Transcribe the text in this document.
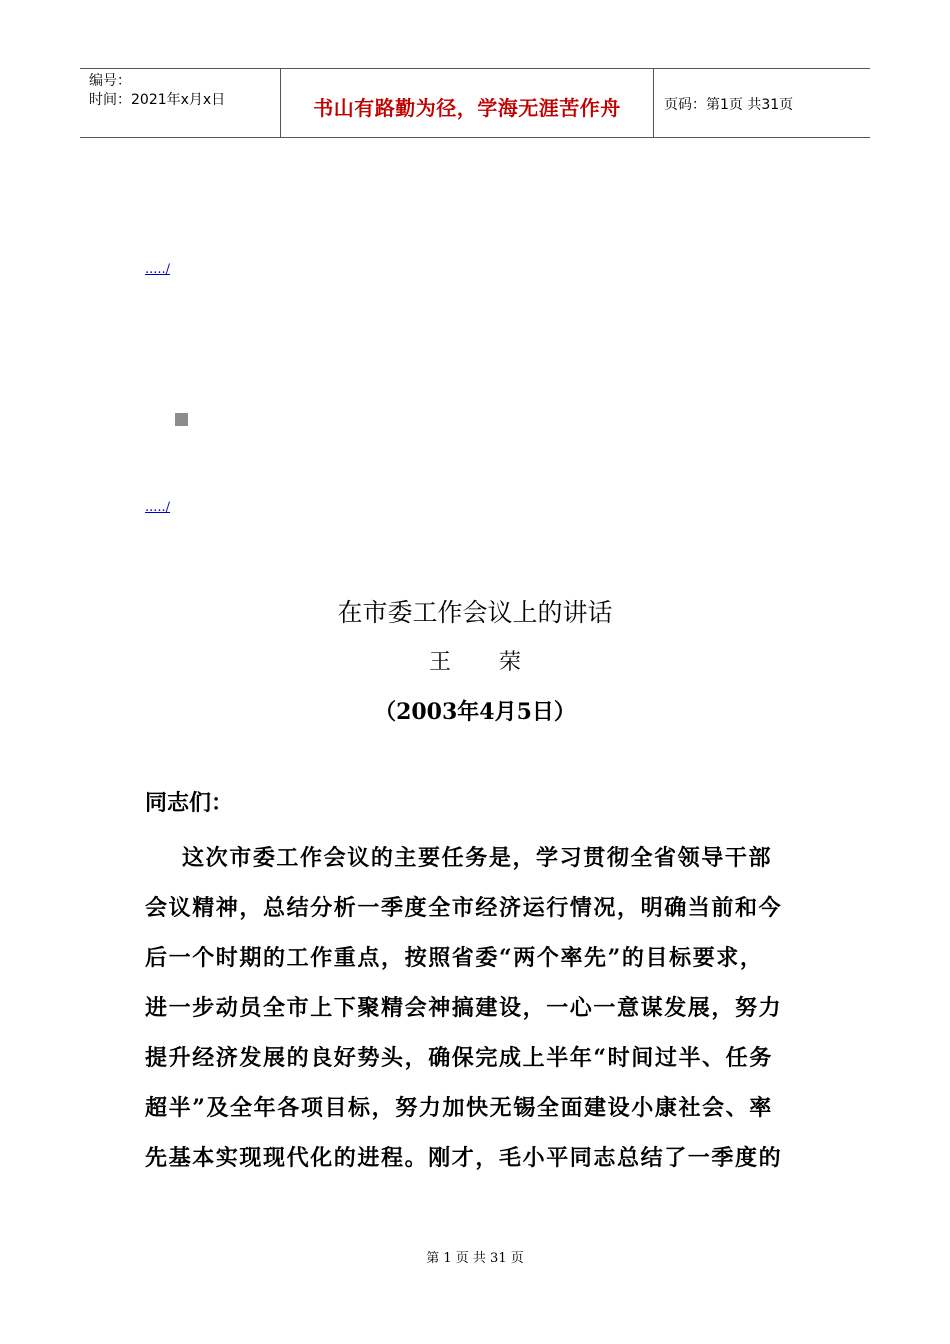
编号：
时间：2021年x月x日	书山有路勤为径，学海无涯苦作舟	页码：第1页 共31页
...../
...../
在市委工作会议上的讲话
王荣
（2003年4月5日）
同志们：
这次市委工作会议的主要任务是，学习贯彻全省领导干部
会议精神，总结分析一季度全市经济运行情况，明确当前和今
后一个时期的工作重点，按照省委“两个率先”的目标要求，
进一步动员全市上下聚精会神搞建设，一心一意谋发展，努力
提升经济发展的良好势头，确保完成上半年“时间过半、任务
超半”及全年各项目标，努力加快无锡全面建设小康社会、率
先基本实现现代化的进程。刚才，毛小平同志总结了一季度的
第 1 页 共 31 页
